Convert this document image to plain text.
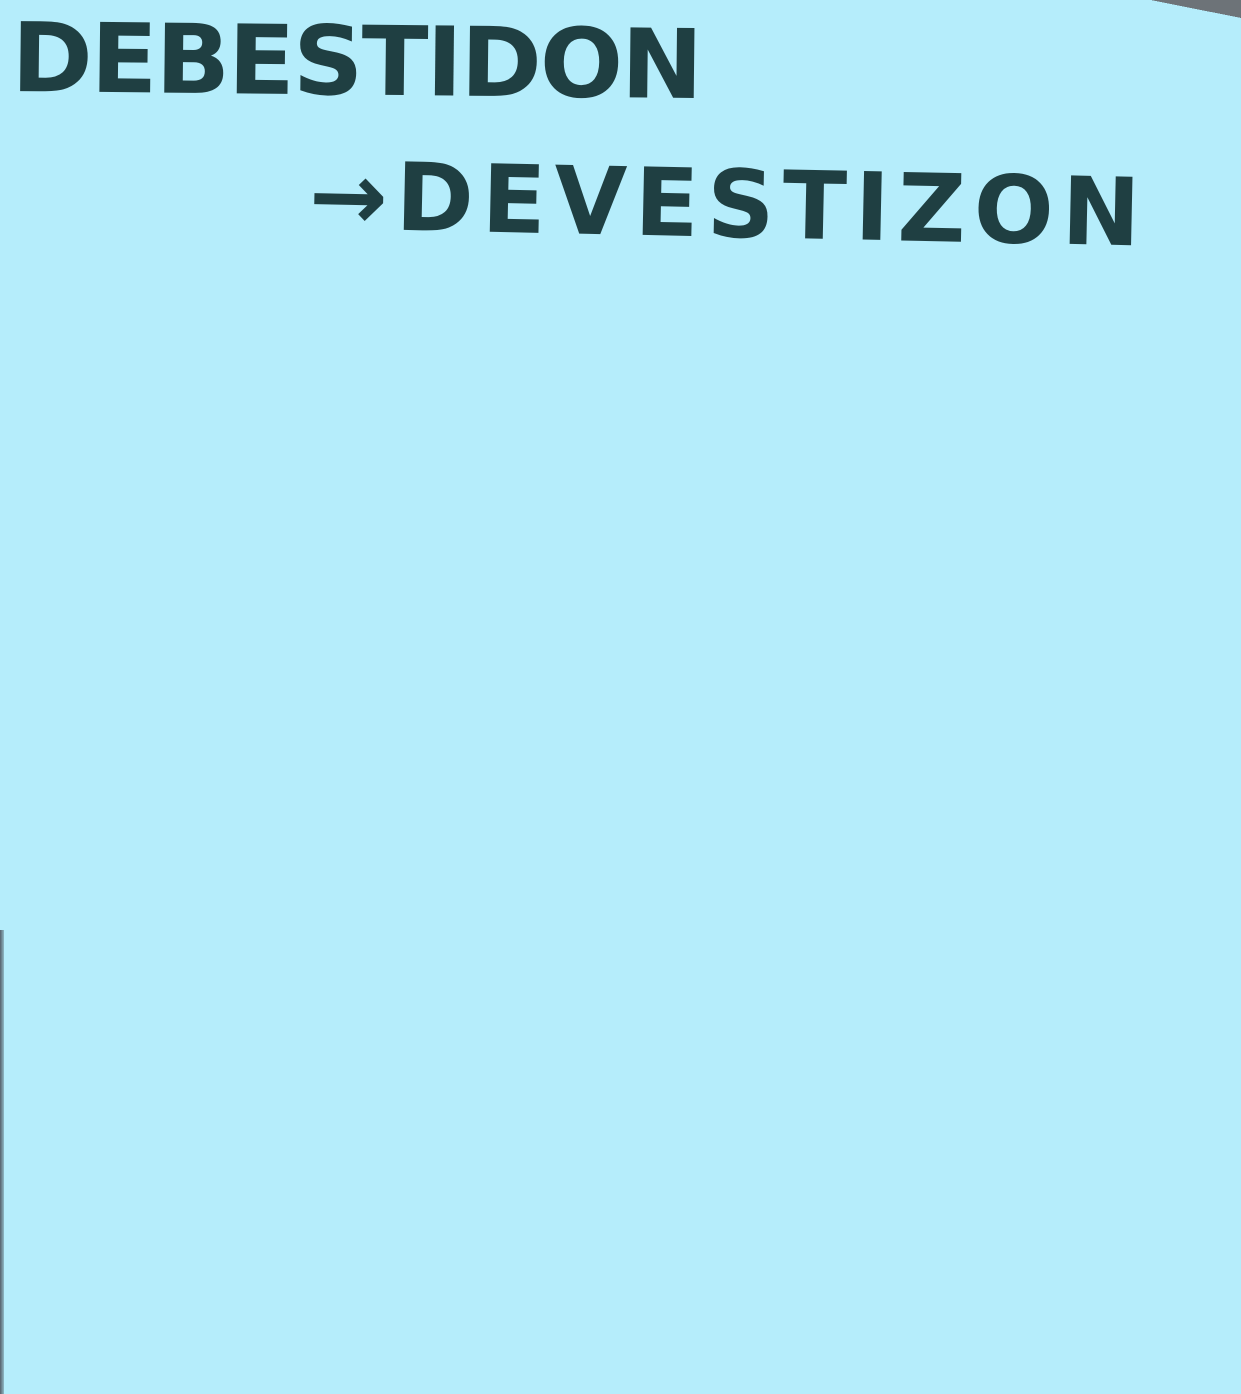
DEBESTIDON

→DEVESTIZON
